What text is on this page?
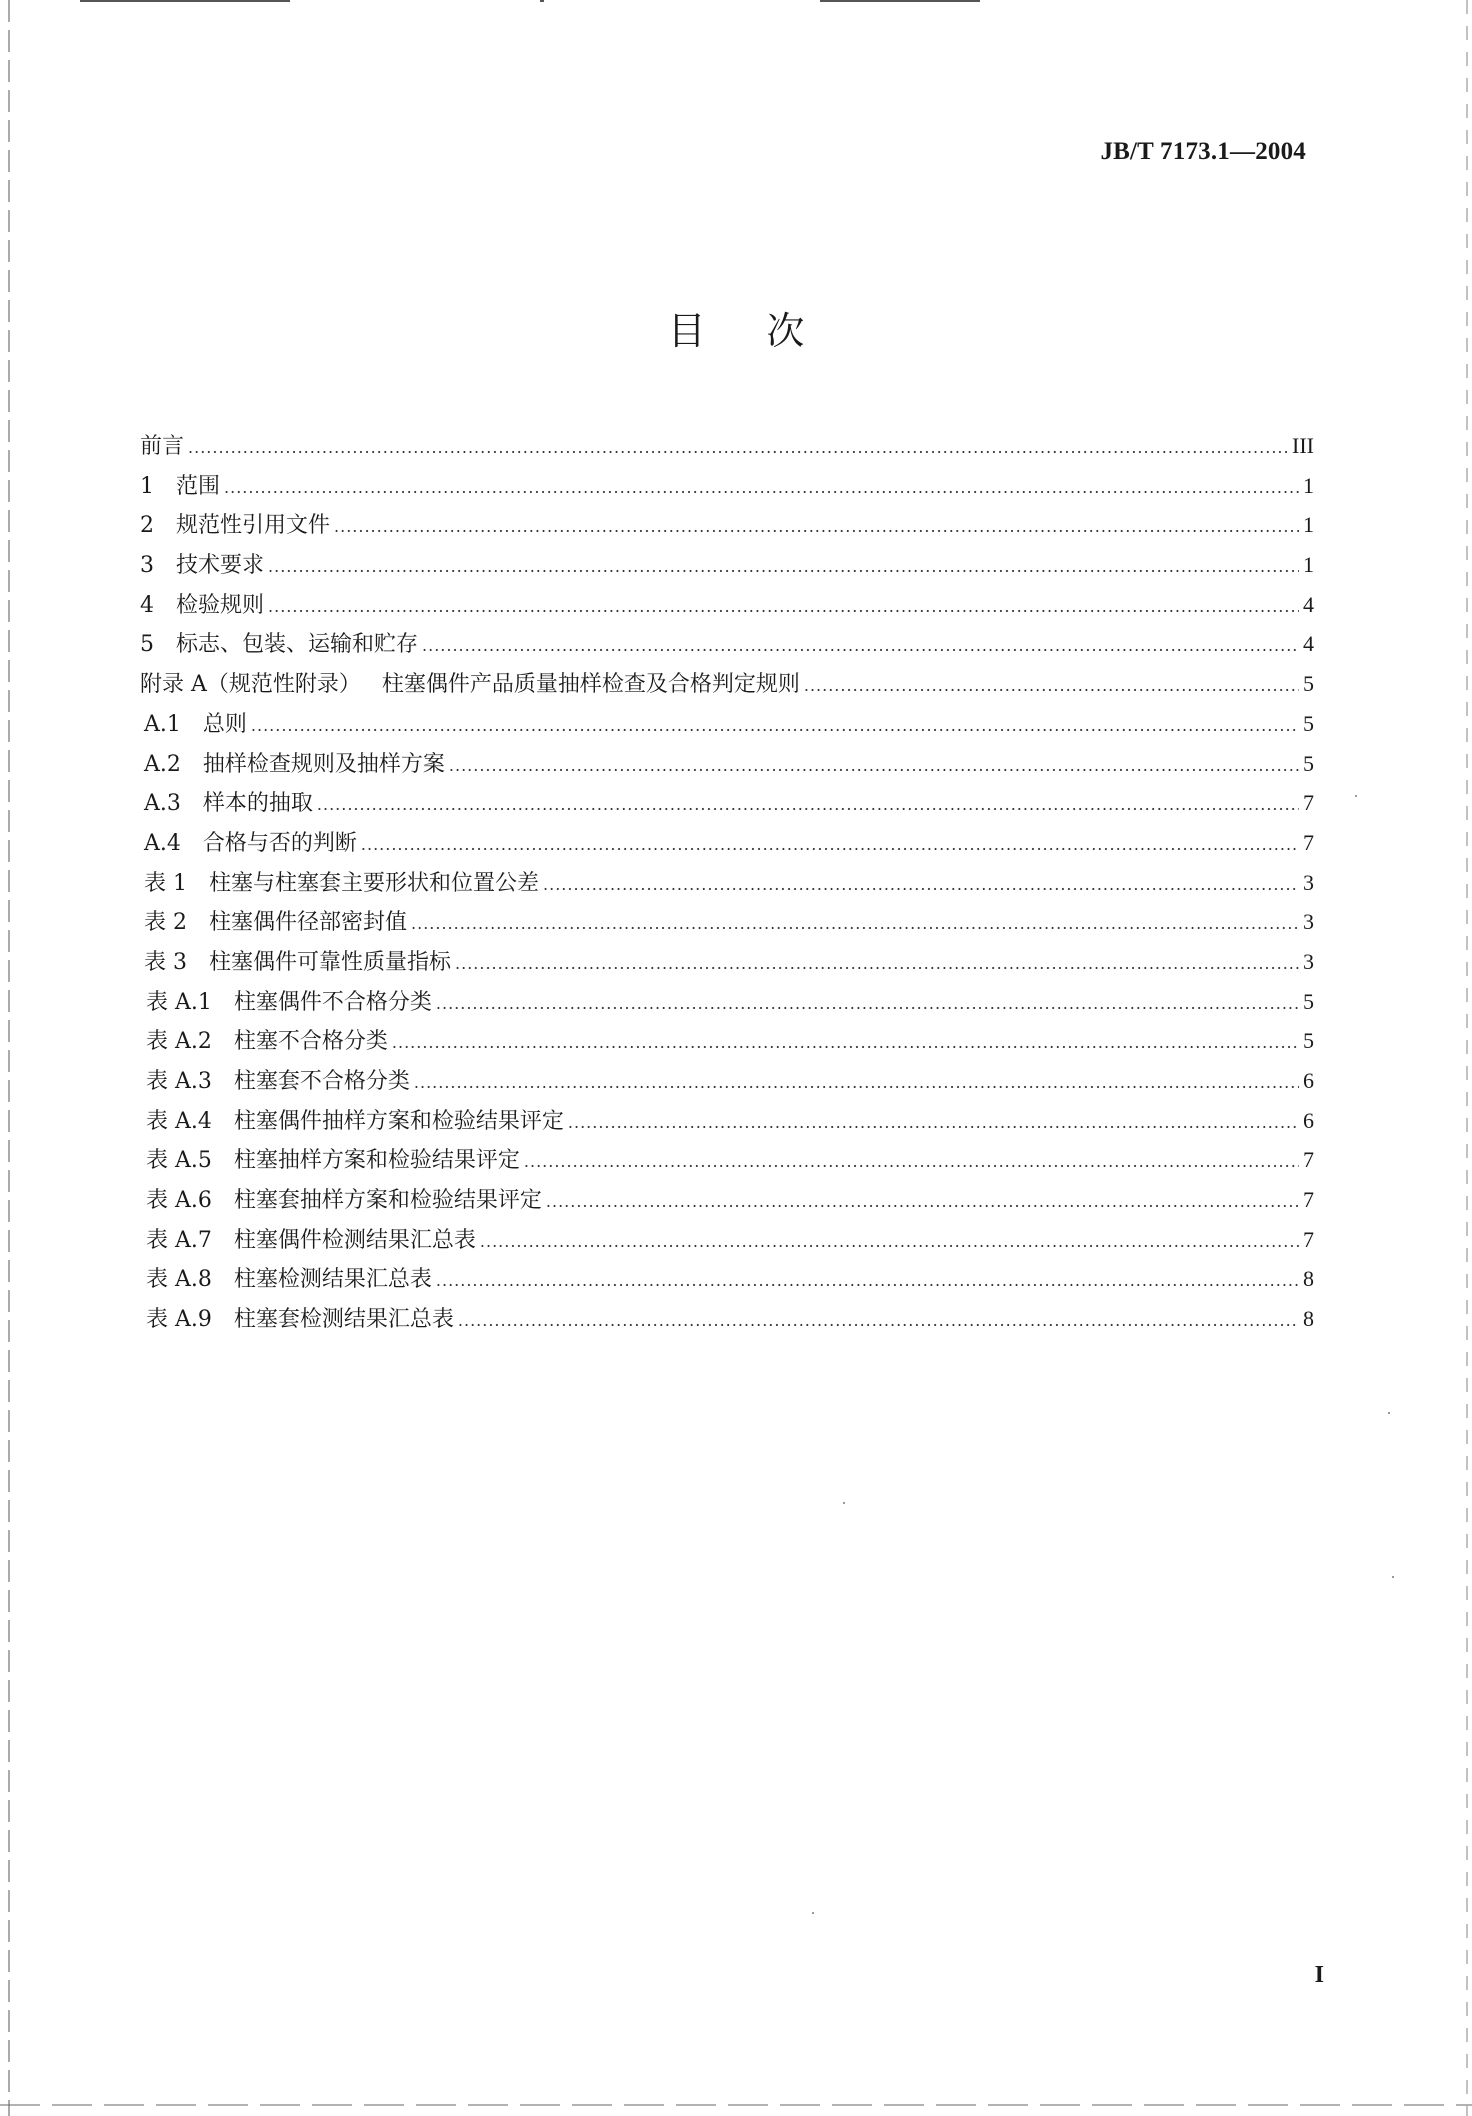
JB/T 7173.1—2004
目次
前言 .....	III
1	范围 .....	1
2	规范性引用文件 .....	1
3	技术要求 .....	1
4	检验规则 .....	4
5	标志、包装、运输和贮存 .....	4
附录 A（规范性附录）   柱塞偶件产品质量抽样检查及合格判定规则 .....	5
A.1	总则 .....	5
A.2	抽样检查规则及抽样方案 .....	5
A.3	样本的抽取 .....	7
A.4	合格与否的判断 .....	7
表 1	柱塞与柱塞套主要形状和位置公差 .....	3
表 2	柱塞偶件径部密封值 .....	3
表 3	柱塞偶件可靠性质量指标 .....	3
表 A.1	柱塞偶件不合格分类 .....	5
表 A.2	柱塞不合格分类 .....	5
表 A.3	柱塞套不合格分类 .....	6
表 A.4	柱塞偶件抽样方案和检验结果评定 .....	6
表 A.5	柱塞抽样方案和检验结果评定 .....	7
表 A.6	柱塞套抽样方案和检验结果评定 .....	7
表 A.7	柱塞偶件检测结果汇总表 .....	7
表 A.8	柱塞检测结果汇总表 .....	8
表 A.9	柱塞套检测结果汇总表 .....	8
I
